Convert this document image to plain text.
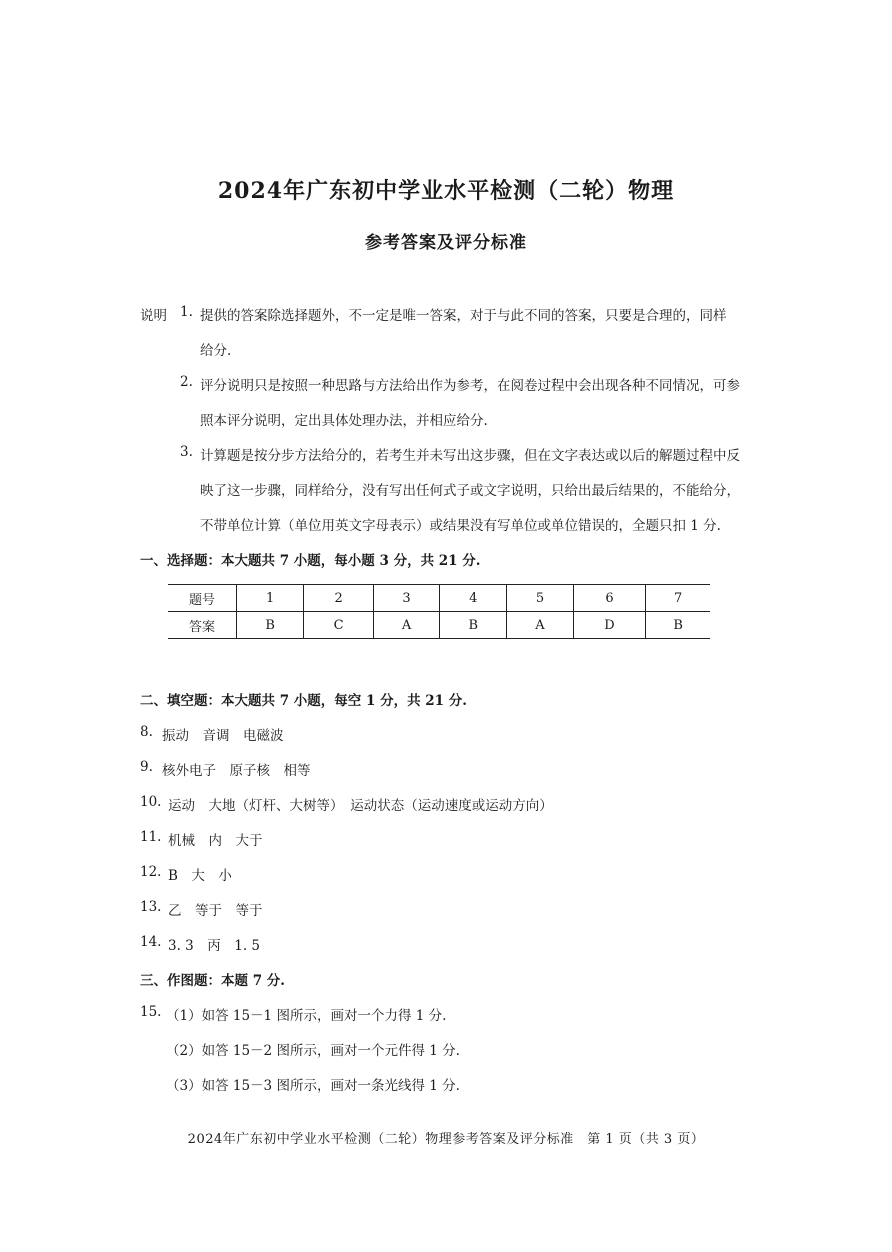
2024年广东初中学业水平检测（二轮）物理
参考答案及评分标准
说明 1. 提供的答案除选择题外，不一定是唯一答案，对于与此不同的答案，只要是合理的，同样
给分.
2. 评分说明只是按照一种思路与方法给出作为参考，在阅卷过程中会出现各种不同情况，可参
照本评分说明，定出具体处理办法，并相应给分.
3. 计算题是按分步方法给分的，若考生并未写出这步骤，但在文字表达或以后的解题过程中反
映了这一步骤，同样给分，没有写出任何式子或文字说明，只给出最后结果的，不能给分，
不带单位计算（单位用英文字母表示）或结果没有写单位或单位错误的，全题只扣 1 分.
一、选择题：本大题共 7 小题，每小题 3 分，共 21 分.
题号	1	2	3	4	5	6	7
答案	B	C	A	B	A	D	B
二、填空题：本大题共 7 小题，每空 1 分，共 21 分.
8. 振动　音调　电磁波
9. 核外电子　原子核　相等
10. 运动　大地（灯杆、大树等）　运动状态（运动速度或运动方向）
11. 机械　内　大于
12. B　大　小
13. 乙　等于　等于
14. 3. 3　丙　1. 5
三、作图题：本题 7 分.
15. （1）如答 15－1 图所示，画对一个力得 1 分.
（2）如答 15－2 图所示，画对一个元件得 1 分.
（3）如答 15－3 图所示，画对一条光线得 1 分.
2024年广东初中学业水平检测（二轮）物理参考答案及评分标准　第 1 页（共 3 页）
